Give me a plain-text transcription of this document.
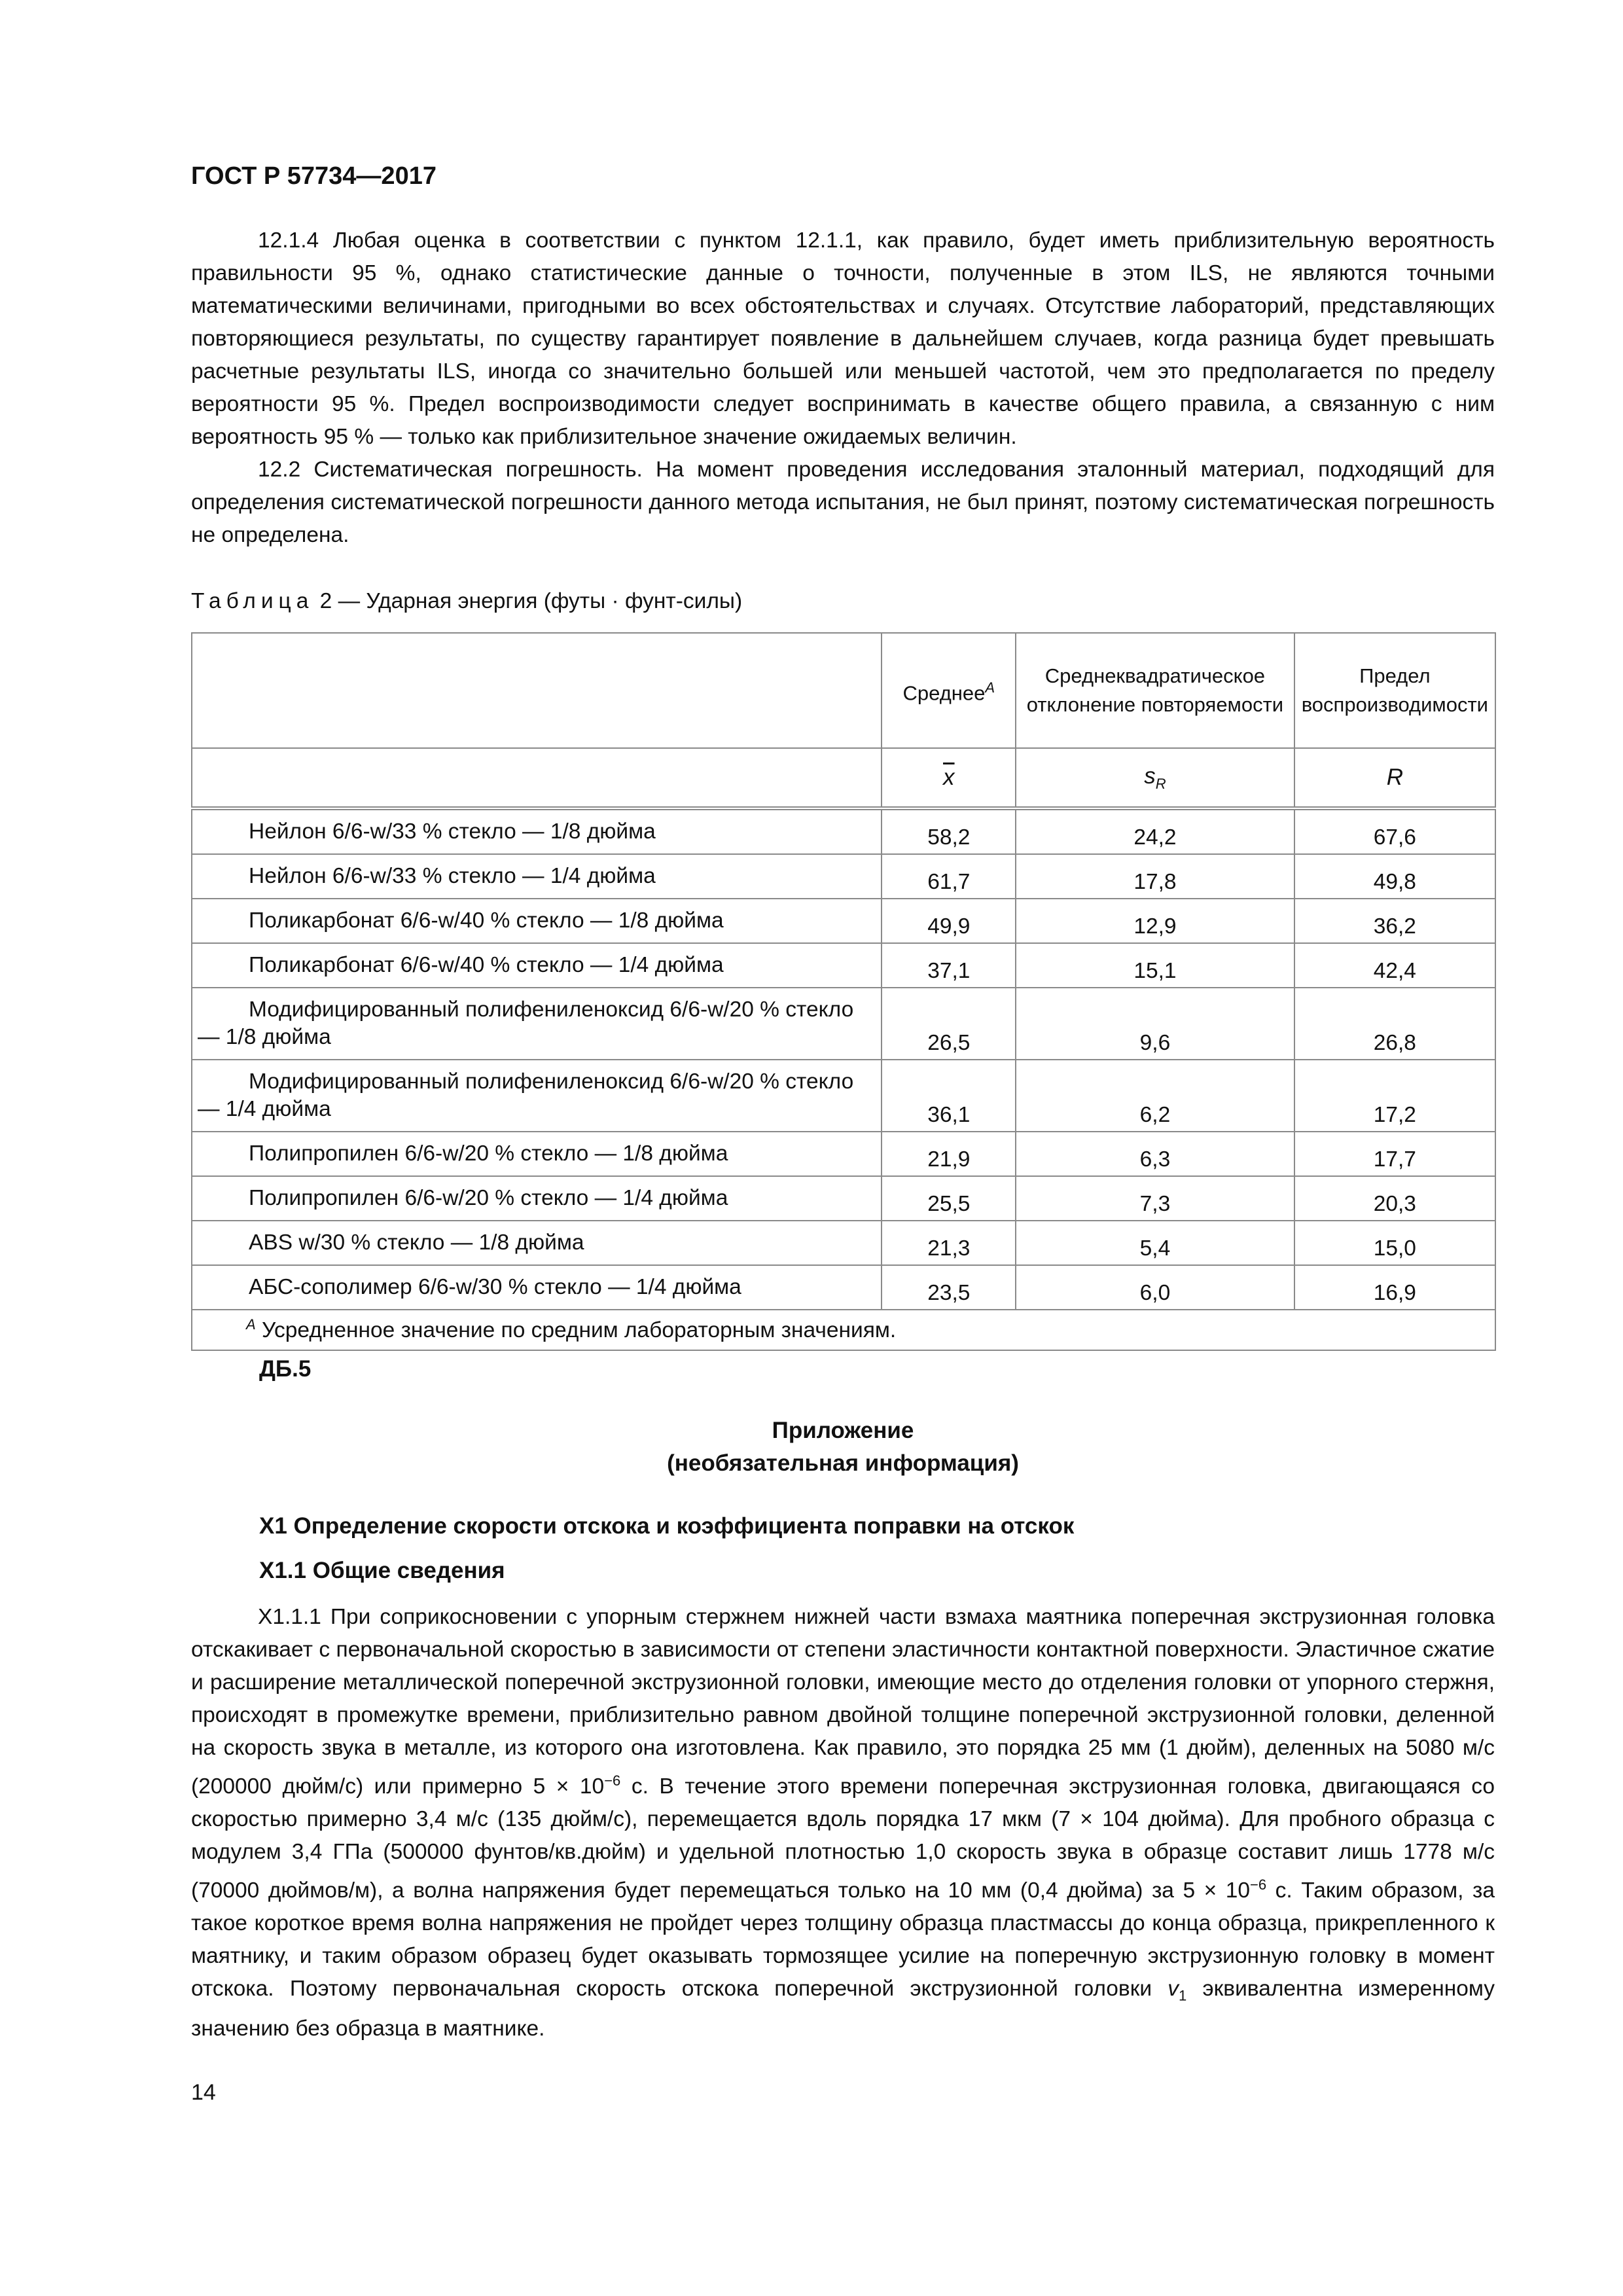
ГОСТ Р 57734—2017

12.1.4 Любая оценка в соответствии с пунктом 12.1.1, как правило, будет иметь приблизительную вероятность правильности 95 %, однако статистические данные о точности, полученные в этом ILS, не являются точными математическими величинами, пригодными во всех обстоятельствах и случаях. Отсутствие лабораторий, представляющих повторяющиеся результаты, по существу гарантирует появление в дальнейшем случаев, когда разница будет превышать расчетные результаты ILS, иногда со значительно большей или меньшей частотой, чем это предполагается по пределу вероятности 95 %. Предел воспроизводимости следует воспринимать в качестве общего правила, а связанную с ним вероятность 95 % — только как приблизительное значение ожидаемых величин.

12.2 Систематическая погрешность. На момент проведения исследования эталонный материал, подходящий для определения систематической погрешности данного метода испытания, не был принят, поэтому систематическая погрешность не определена.

Таблица 2 — Ударная энергия (футы · фунт-силы)
	Среднее$^A$	Среднеквадратическое отклонение повторяемости	Предел воспроизводимости
	$\overline{x}$	$s_R$	R
Нейлон 6/6-w/33 % стекло — 1/8 дюйма	58,2	24,2	67,6
Нейлон 6/6-w/33 % стекло — 1/4 дюйма	61,7	17,8	49,8
Поликарбонат 6/6-w/40 % стекло — 1/8 дюйма	49,9	12,9	36,2
Поликарбонат 6/6-w/40 % стекло — 1/4 дюйма	37,1	15,1	42,4
Модифицированный полифениленоксид 6/6-w/20 % стекло — 1/8 дюйма	26,5	9,6	26,8
Модифицированный полифениленоксид 6/6-w/20 % стекло — 1/4 дюйма	36,1	6,2	17,2
Полипропилен 6/6-w/20 % стекло — 1/8 дюйма	21,9	6,3	17,7
Полипропилен 6/6-w/20 % стекло — 1/4 дюйма	25,5	7,3	20,3
ABS w/30 % стекло — 1/8 дюйма	21,3	5,4	15,0
АБС-сополимер 6/6-w/30 % стекло — 1/4 дюйма	23,5	6,0	16,9
$^A$ Усредненное значение по средним лабораторным значениям.			
ДБ.5
Приложение
(необязательная информация)
X1 Определение скорости отскока и коэффициента поправки на отскок
X1.1 Общие сведения

X1.1.1 При соприкосновении с упорным стержнем нижней части взмаха маятника поперечная экструзионная головка отскакивает с первоначальной скоростью в зависимости от степени эластичности контактной поверхности. Эластичное сжатие и расширение металлической поперечной экструзионной головки, имеющие место до отделения головки от упорного стержня, происходят в промежутке времени, приблизительно равном двойной толщине поперечной экструзионной головки, деленной на скорость звука в металле, из которого она изготовлена. Как правило, это порядка 25 мм (1 дюйм), деленных на 5080 м/с (200000 дюйм/с) или примерно $5 \times 10^{-6}$ с. В течение этого времени поперечная экструзионная головка, двигающаяся со скоростью примерно 3,4 м/с (135 дюйм/с), перемещается вдоль порядка 17 мкм (7 × 104 дюйма). Для пробного образца с модулем 3,4 ГПа (500000 фунтов/кв.дюйм) и удельной плотностью 1,0 скорость звука в образце составит лишь 1778 м/с (70000 дюймов/м), а волна напряжения будет перемещаться только на 10 мм (0,4 дюйма) за $5 \times 10^{-6}$ с. Таким образом, за такое короткое время волна напряжения не пройдет через толщину образца пластмассы до конца образца, прикрепленного к маятнику, и таким образом образец будет оказывать тормозящее усилие на поперечную экструзионную головку в момент отскока. Поэтому первоначальная скорость отскока поперечной экструзионной головки $v_1$ эквивалентна измеренному значению без образца в маятнике.

14
